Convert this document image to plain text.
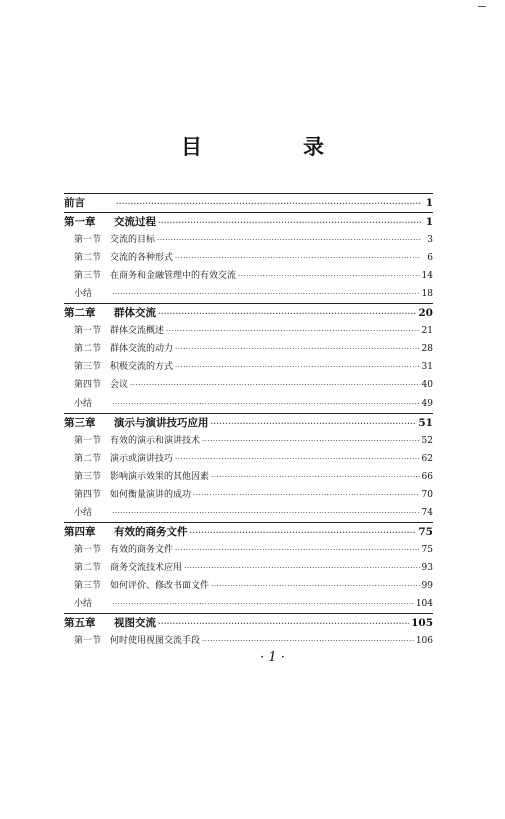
目　录
前言 ·····	1
第一章 交流过程 ·····	1
第一节 交流的目标 ·····	3
第二节 交流的各种形式 ·····	6
第三节 在商务和金融管理中的有效交流 ·····	14
小结 ·····	18
第二章 群体交流 ·····	20
第一节 群体交流概述 ·····	21
第二节 群体交流的动力 ·····	28
第三节 积极交流的方式 ·····	31
第四节 会议 ·····	40
小结 ·····	49
第三章 演示与演讲技巧应用 ·····	51
第一节 有效的演示和演讲技术 ·····	52
第二节 演示或演讲技巧 ·····	62
第三节 影响演示效果的其他因素 ·····	66
第四节 如何衡量演讲的成功 ·····	70
小结 ·····	74
第四章 有效的商务文件 ·····	75
第一节 有效的商务文件 ·····	75
第二节 商务交流技术应用 ·····	93
第三节 如何评价、修改书面文件 ·····	99
小结 ·····	104
第五章 视图交流 ·····	105
第一节 何时使用视图交流手段 ·····	106
· 1 ·
